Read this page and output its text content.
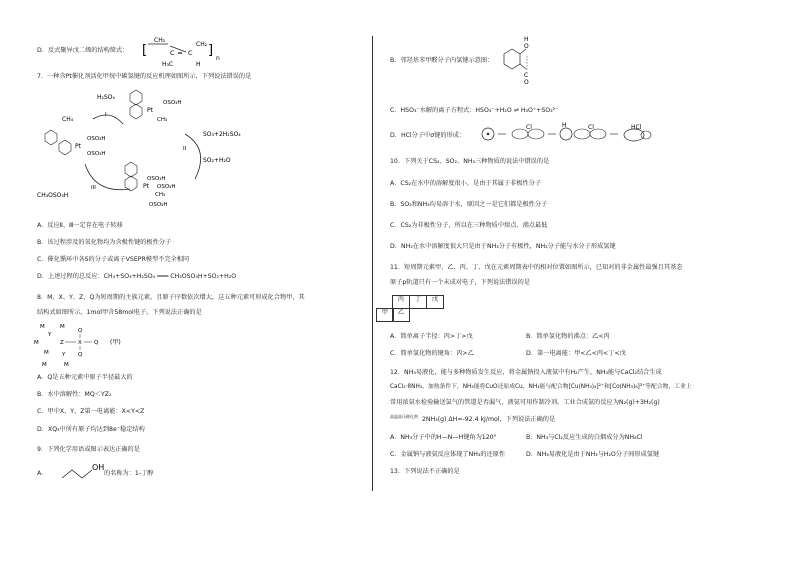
D．反式聚异戊二烯的结构简式： [
CH₂
C ═ C
H₃C
CH₂
H
]
n
7．一种含Pt催化剂活化甲烷中碳氢键的反应机理如图所示，下列说法错误的是
CH₄
H₂SO₄
I
CH₃OSO₃H
III
SO₃+2H₂SO₄
II
SO₂+H₂O
Pt
OSO₃H
CH₃
Pt
OSO₃H
OSO₃H
OSO₃H
Pt OSO₃H
CH₃
OSO₃H
A．反应Ⅱ、Ⅲ一定存在电子转移
B．该过程涉及的氧化物均为含极性键的极性分子
C．催化循环中各S的分子或离子VSEPR模型不完全相同
D．上述过程的总反应：CH₄+SO₃+H₂SO₄ ═══ CH₃OSO₃H+SO₂+H₂O
8．M、X、Y、Z、Q为短周期的主族元素，且原子序数依次增大，这五种元素可形成化合物甲，其
结构式如图所示，1mol甲含58mol电子。下列说法正确的是
M	M
M
Y
Z
M Y
M	M
X
Q
Q
Q (甲)
A．Q是五种元素中原子半径最大的
B．水中溶解性：MQ＜YZ₂
C．甲中X、Y、Z第一电离能：X<Y<Z
D．XQ₃中所有原子均达到8e⁻稳定结构
9．下列化学用语或图示表达正确的是
A．
OH
的名称为：1-丁醇
B．邻羟基苯甲醛分子内氢键示意图：
O
H
C
O
C．HSO₃⁻水解的离子方程式：HSO₃⁻+H₂O ⇌ H₃O⁺+SO₃²⁻
D．HCl分子中σ键的形成：
Cl	H	Cl	HCl
10．下列关于CS₂、SO₂、NH₃三种物质的说法中错误的是
A．CS₂在水中的溶解度很小，是由于其属于非极性分子
B．SO₂和NH₃均易溶于水，原因之一是它们都是极性分子
C．CS₂为非极性分子，所以在三种物质中熔点、沸点最低
D．NH₃在水中溶解度很大只是由于NH₃分子有极性，NH₃分子能与水分子形成氢键
11．短周期元素甲、乙、丙、丁、戊在元素周期表中的相对位置如图所示，已知对的非金属性最强且其基态
原子p轨道只有一个未成对电子，下列说法错误的是
丙	丁	戊
甲	乙
A．简单离子半径：丙>丁>戊	B．简单氢化物的沸点：乙<丙
C．简单氢化物的键角：丙>乙	D．第一电离能：甲<乙<丙<丁<戊
12．NH₃易液化，能与多种物质发生反应，将金属钠投入液氨中有H₂产生，NH₃能与CaCl₂结合生成
CaCl₂·8NH₃，加热条件下，NH₃能将CuO还原成Cu，NH₃能与配合物[Cu(NH₃)₄]²⁺和[Co(NH₃)₆]³⁺等配合物，工业上
常用浓氨水检验输送氯气的管道是否漏气，液氨可用作制冷剂。工业合成氨的反应为N₂(g)+3H₂(g)
高温高压催化剂 2NH₃(g) ΔH=-92.4 kJ/mol，下列说法正确的是
A．NH₃分子中的H—N—H键角为120°	B．NH₃与Cl₂反应生成的白烟成分为NH₄Cl
C．金属钠与液氨反应体现了NH₃的还原性	D．NH₃易液化是由于NH₃与H₂O分子间形成氢键
13．下列说法不正确的是
